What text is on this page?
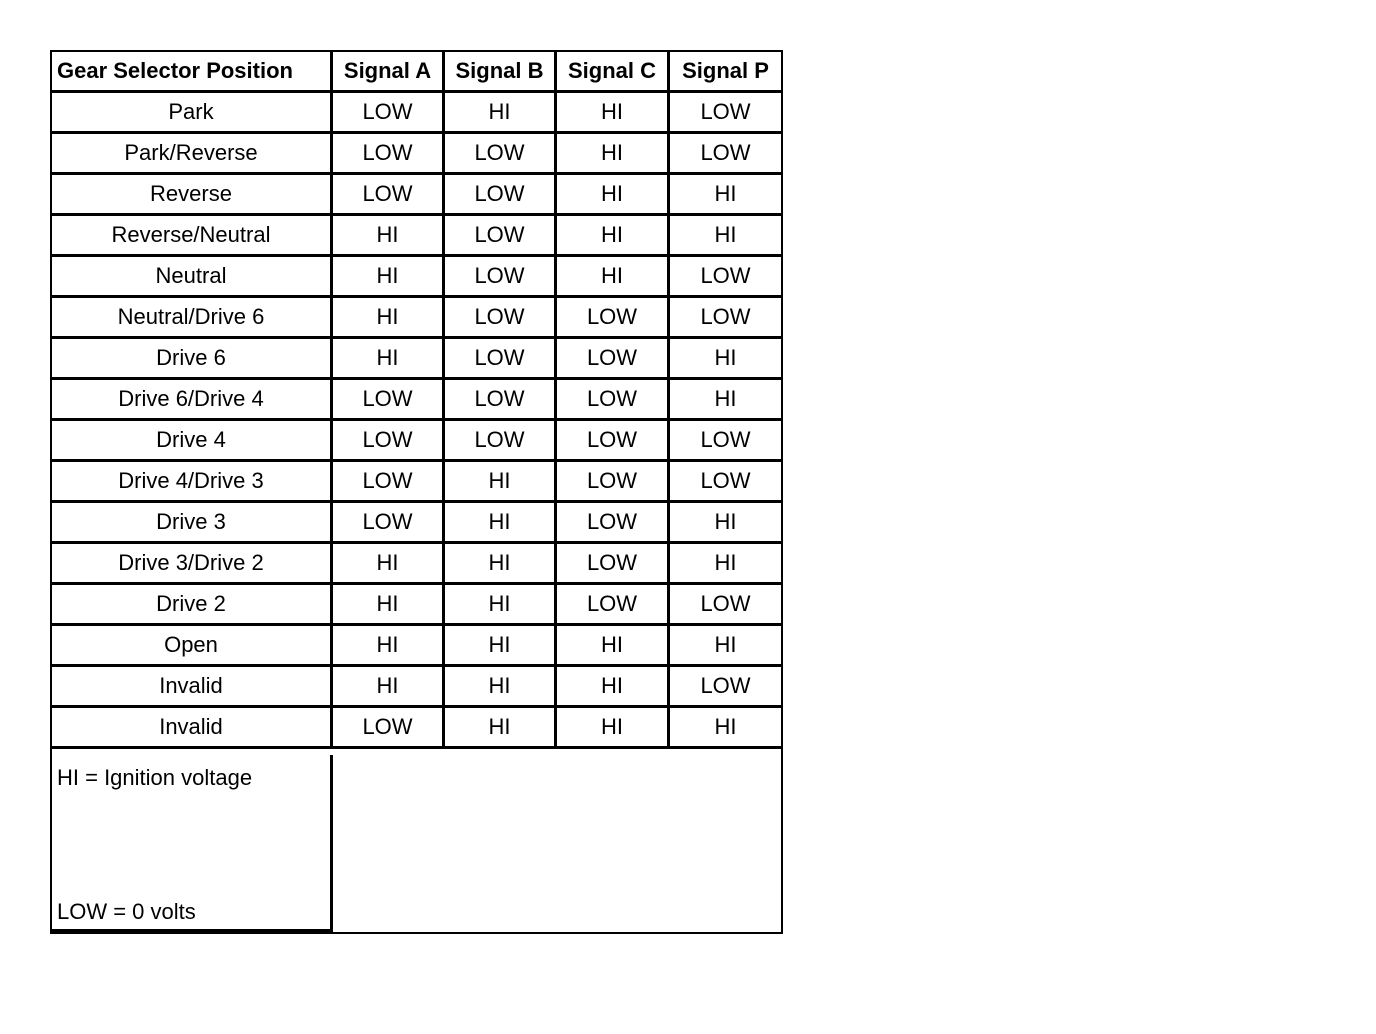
Gear Selector Position	Signal A	Signal B	Signal C	Signal P
Park	LOW	HI	HI	LOW
Park/Reverse	LOW	LOW	HI	LOW
Reverse	LOW	LOW	HI	HI
Reverse/Neutral	HI	LOW	HI	HI
Neutral	HI	LOW	HI	LOW
Neutral/Drive 6	HI	LOW	LOW	LOW
Drive 6	HI	LOW	LOW	HI
Drive 6/Drive 4	LOW	LOW	LOW	HI
Drive 4	LOW	LOW	LOW	LOW
Drive 4/Drive 3	LOW	HI	LOW	LOW
Drive 3	LOW	HI	LOW	HI
Drive 3/Drive 2	HI	HI	LOW	HI
Drive 2	HI	HI	LOW	LOW
Open	HI	HI	HI	HI
Invalid	HI	HI	HI	LOW
Invalid	LOW	HI	HI	HI
HI = Ignition voltage
LOW = 0 volts
